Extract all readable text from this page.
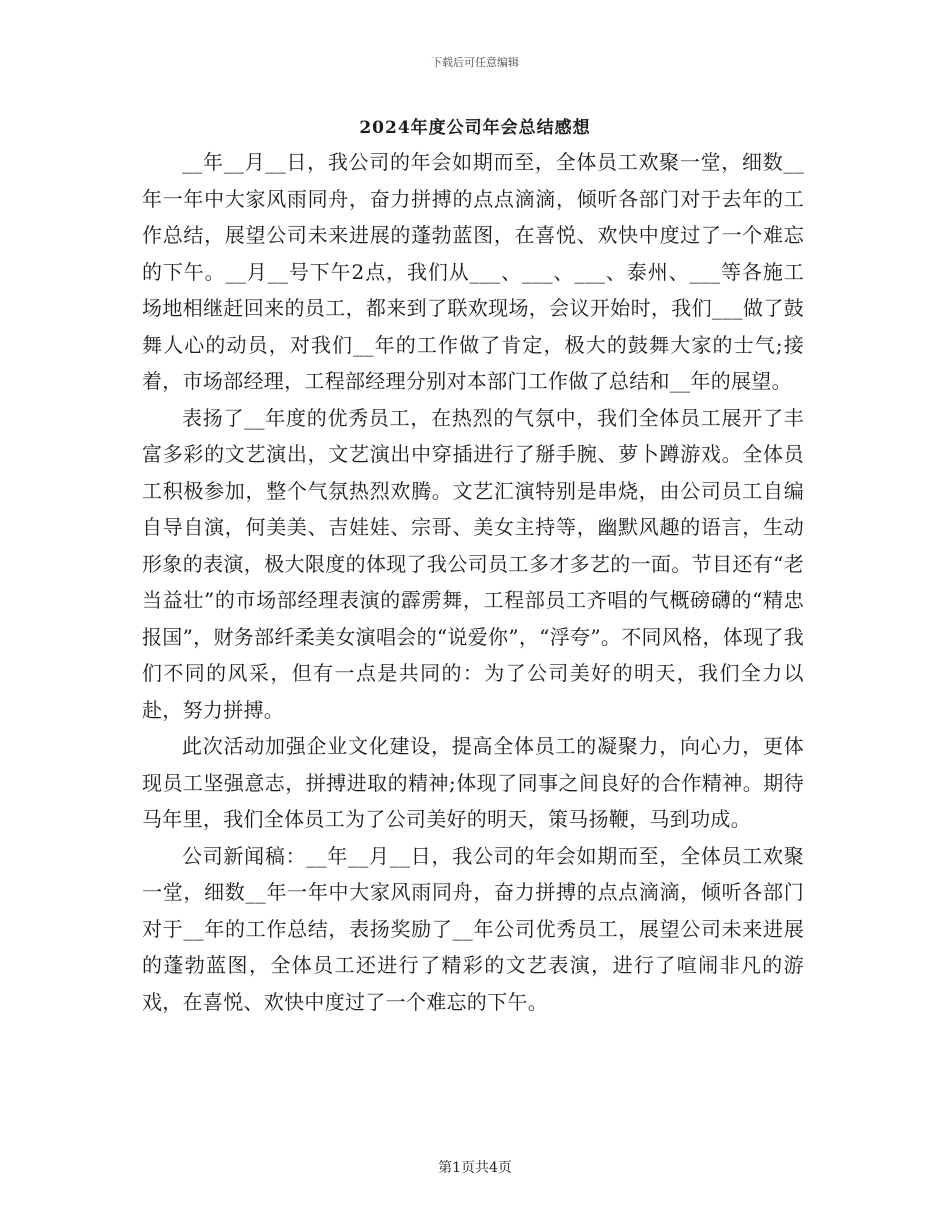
下载后可任意编辑
2024年度公司年会总结感想

__年__月__日，我公司的年会如期而至，全体员工欢聚一堂，细数__年一年中大家风雨同舟，奋力拼搏的点点滴滴，倾听各部门对于去年的工作总结，展望公司未来进展的蓬勃蓝图，在喜悦、欢快中度过了一个难忘的下午。__月__号下午2点，我们从___、___、___、泰州、___等各施工场地相继赶回来的员工，都来到了联欢现场，会议开始时，我们___做了鼓舞人心的动员，对我们__年的工作做了肯定，极大的鼓舞大家的士气;接着，市场部经理，工程部经理分别对本部门工作做了总结和__年的展望。

表扬了__年度的优秀员工，在热烈的气氛中，我们全体员工展开了丰富多彩的文艺演出，文艺演出中穿插进行了掰手腕、萝卜蹲游戏。全体员工积极参加，整个气氛热烈欢腾。文艺汇演特别是串烧，由公司员工自编自导自演，何美美、吉娃娃、宗哥、美女主持等，幽默风趣的语言，生动形象的表演，极大限度的体现了我公司员工多才多艺的一面。节目还有“老当益壮”的市场部经理表演的霹雳舞，工程部员工齐唱的气概磅礴的“精忠报国”，财务部纤柔美女演唱会的“说爱你”，“浮夸”。不同风格，体现了我们不同的风采，但有一点是共同的：为了公司美好的明天，我们全力以赴，努力拼搏。

此次活动加强企业文化建设，提高全体员工的凝聚力，向心力，更体现员工坚强意志，拼搏进取的精神;体现了同事之间良好的合作精神。期待马年里，我们全体员工为了公司美好的明天，策马扬鞭，马到功成。

公司新闻稿：__年__月__日，我公司的年会如期而至，全体员工欢聚一堂，细数__年一年中大家风雨同舟，奋力拼搏的点点滴滴，倾听各部门对于__年的工作总结，表扬奖励了__年公司优秀员工，展望公司未来进展的蓬勃蓝图，全体员工还进行了精彩的文艺表演，进行了喧闹非凡的游戏，在喜悦、欢快中度过了一个难忘的下午。

第1页共4页
